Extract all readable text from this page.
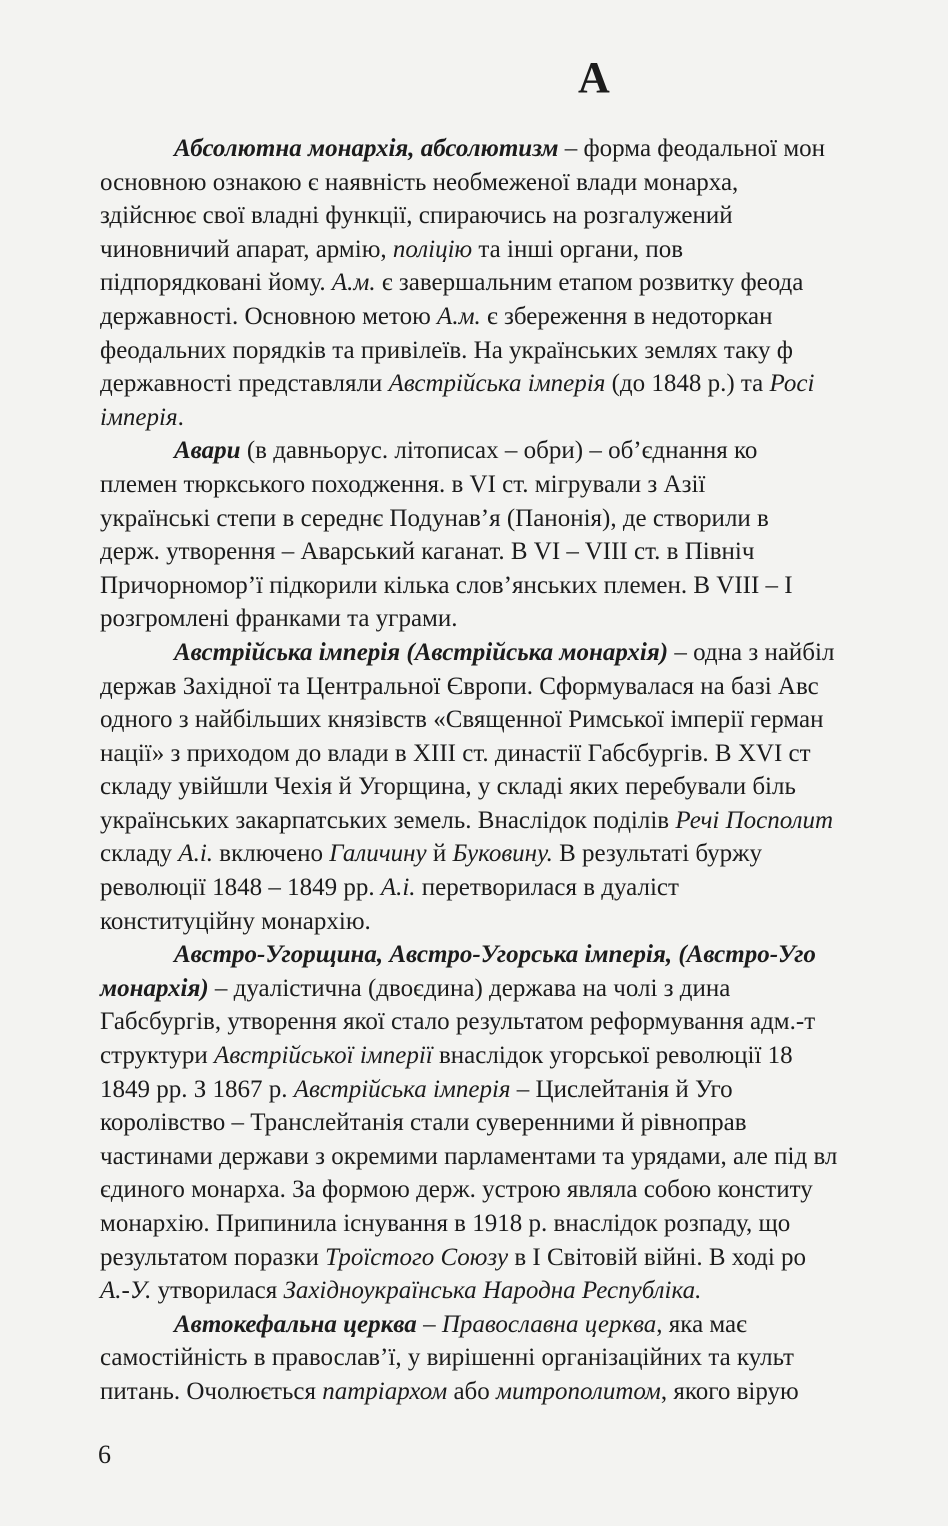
А

Абсолютна монархія, абсолютизм – форма феодальної мон
основною ознакою є наявність необмеженої влади монарха,
здійснює свої владні функції, спираючись на розгалужений
чиновничий апарат, армію, поліцію та інші органи, пов
підпорядковані йому. А.м. є завершальним етапом розвитку феода
державності. Основною метою А.м. є збереження в недоторкан
феодальних порядків та привілеїв. На українських землях таку ф
державності представляли Австрійська імперія (до 1848 р.) та Росі
імперія.

Авари (в давньорус. літописах – обри) – об’єднання ко
племен тюркського походження. в VI ст. мігрували з Азії
українські степи в середнє Подунав’я (Панонія), де створили в
держ. утворення – Аварський каганат. В VI – VIII ст. в Північ
Причорномор’ї підкорили кілька слов’янських племен. В VIII – I
розгромлені франками та уграми.

Австрійська імперія (Австрійська монархія) – одна з найбіл
держав Західної та Центральної Європи. Сформувалася на базі Авс
одного з найбільших князівств «Священної Римської імперії герман
нації» з приходом до влади в XIII ст. династії Габсбургів. В XVI ст
складу увійшли Чехія й Угорщина, у складі яких перебували біль
українських закарпатських земель. Внаслідок поділів Речі Посполит
складу А.і. включено Галичину й Буковину. В результаті буржу
революції 1848 – 1849 рр. А.і. перетворилася в дуаліст
конституційну монархію.

Австро-Угорщина, Австро-Угорська імперія, (Австро-Уго
монархія) – дуалістична (двоєдина) держава на чолі з дина
Габсбургів, утворення якої стало результатом реформування адм.-т
структури Австрійської імперії внаслідок угорської революції 18
1849 рр. З 1867 р. Австрійська імперія – Цислейтанія й Уго
королівство – Транслейтанія стали суверенними й рівноправ
частинами держави з окремими парламентами та урядами, але під вл
єдиного монарха. За формою держ. устрою являла собою конститу
монархію. Припинила існування в 1918 р. внаслідок розпаду, що
результатом поразки Троїстого Союзу в І Світовій війні. В ході ро
А.-У. утворилася Західноукраїнська Народна Республіка.

Автокефальна церква – Православна церква, яка має
самостійність в православ’ї, у вирішенні організаційних та культ
питань. Очолюється патріархом або митрополитом, якого вірую

6
